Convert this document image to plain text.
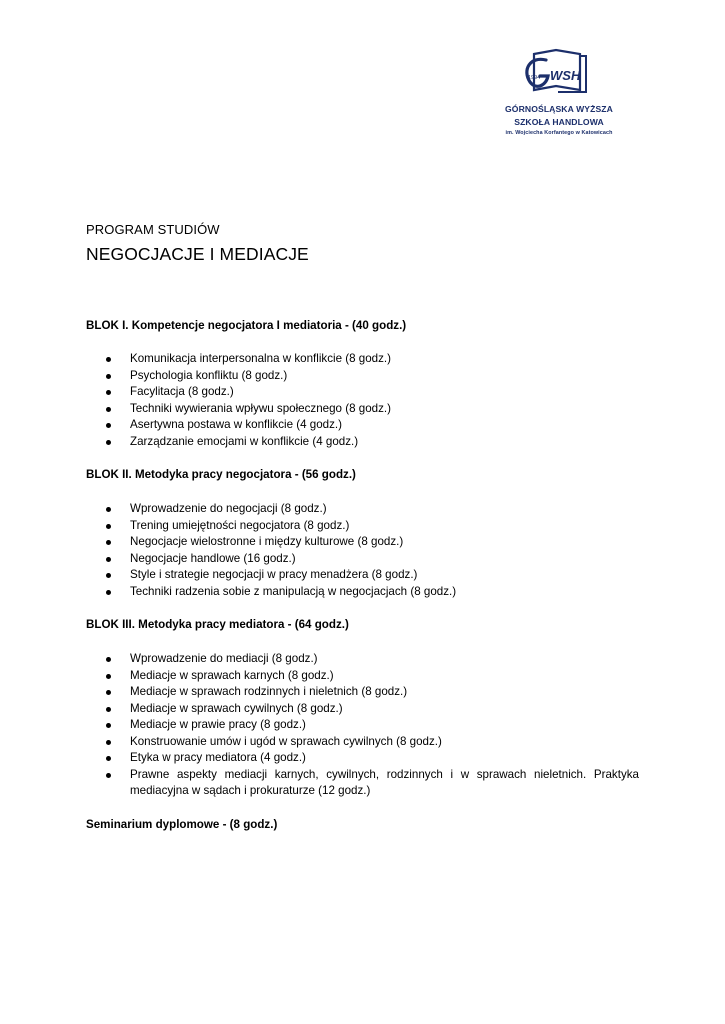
1994 WSH
GÓRNOŚLĄSKA WYŻSZA
SZKOŁA HANDLOWA
im. Wojciecha Korfantego w Katowicach
PROGRAM STUDIÓW
NEGOCJACJE I MEDIACJE
BLOK I. Kompetencje negocjatora I mediatoria - (40 godz.)
Komunikacja interpersonalna w konflikcie (8 godz.)
Psychologia konfliktu (8 godz.)
Facylitacja (8 godz.)
Techniki wywierania wpływu społecznego (8 godz.)
Asertywna postawa w konflikcie (4 godz.)
Zarządzanie emocjami w konflikcie (4 godz.)
BLOK II. Metodyka pracy negocjatora - (56 godz.)
Wprowadzenie do negocjacji (8 godz.)
Trening umiejętności negocjatora (8 godz.)
Negocjacje wielostronne i między kulturowe (8 godz.)
Negocjacje handlowe (16 godz.)
Style i strategie negocjacji w pracy menadżera (8 godz.)
Techniki radzenia sobie z manipulacją w negocjacjach (8 godz.)
BLOK III. Metodyka pracy mediatora - (64 godz.)
Wprowadzenie do mediacji (8 godz.)
Mediacje w sprawach karnych (8 godz.)
Mediacje w sprawach rodzinnych i nieletnich (8 godz.)
Mediacje w sprawach cywilnych (8 godz.)
Mediacje w prawie pracy (8 godz.)
Konstruowanie umów i ugód w sprawach cywilnych (8 godz.)
Etyka w pracy mediatora (4 godz.)
Prawne aspekty mediacji karnych, cywilnych, rodzinnych i w sprawach nieletnich. Praktyka mediacyjna w sądach i prokuraturze (12 godz.)
Seminarium dyplomowe - (8 godz.)
